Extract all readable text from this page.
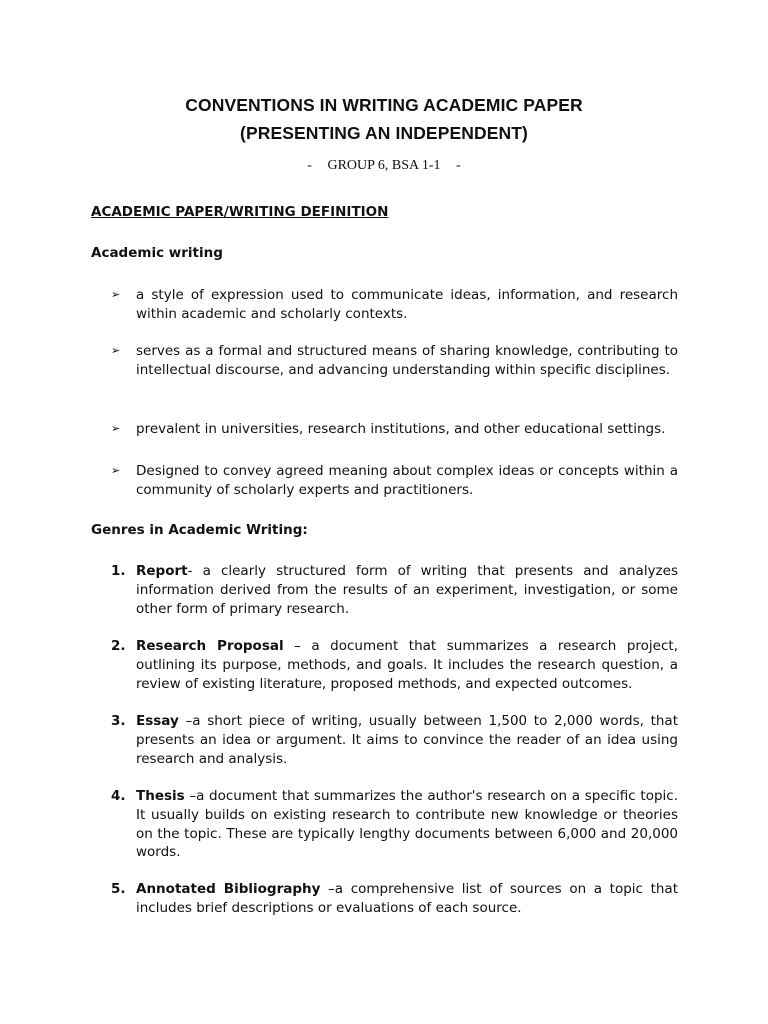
CONVENTIONS IN WRITING ACADEMIC PAPER
(PRESENTING AN INDEPENDENT)
- GROUP 6, BSA 1-1 -
ACADEMIC PAPER/WRITING DEFINITION
Academic writing
➢ a style of expression used to communicate ideas, information, and research within academic and scholarly contexts.
➢ serves as a formal and structured means of sharing knowledge, contributing to intellectual discourse, and advancing understanding within specific disciplines.
➢ prevalent in universities, research institutions, and other educational settings.
➢ Designed to convey agreed meaning about complex ideas or concepts within a community of scholarly experts and practitioners.
Genres in Academic Writing:
1. Report- a clearly structured form of writing that presents and analyzes information derived from the results of an experiment, investigation, or some other form of primary research.
2. Research Proposal – a document that summarizes a research project, outlining its purpose, methods, and goals. It includes the research question, a review of existing literature, proposed methods, and expected outcomes.
3. Essay –a short piece of writing, usually between 1,500 to 2,000 words, that presents an idea or argument. It aims to convince the reader of an idea using research and analysis.
4. Thesis –a document that summarizes the author's research on a specific topic. It usually builds on existing research to contribute new knowledge or theories on the topic. These are typically lengthy documents between 6,000 and 20,000 words.
5. Annotated Bibliography –a comprehensive list of sources on a topic that includes brief descriptions or evaluations of each source.
